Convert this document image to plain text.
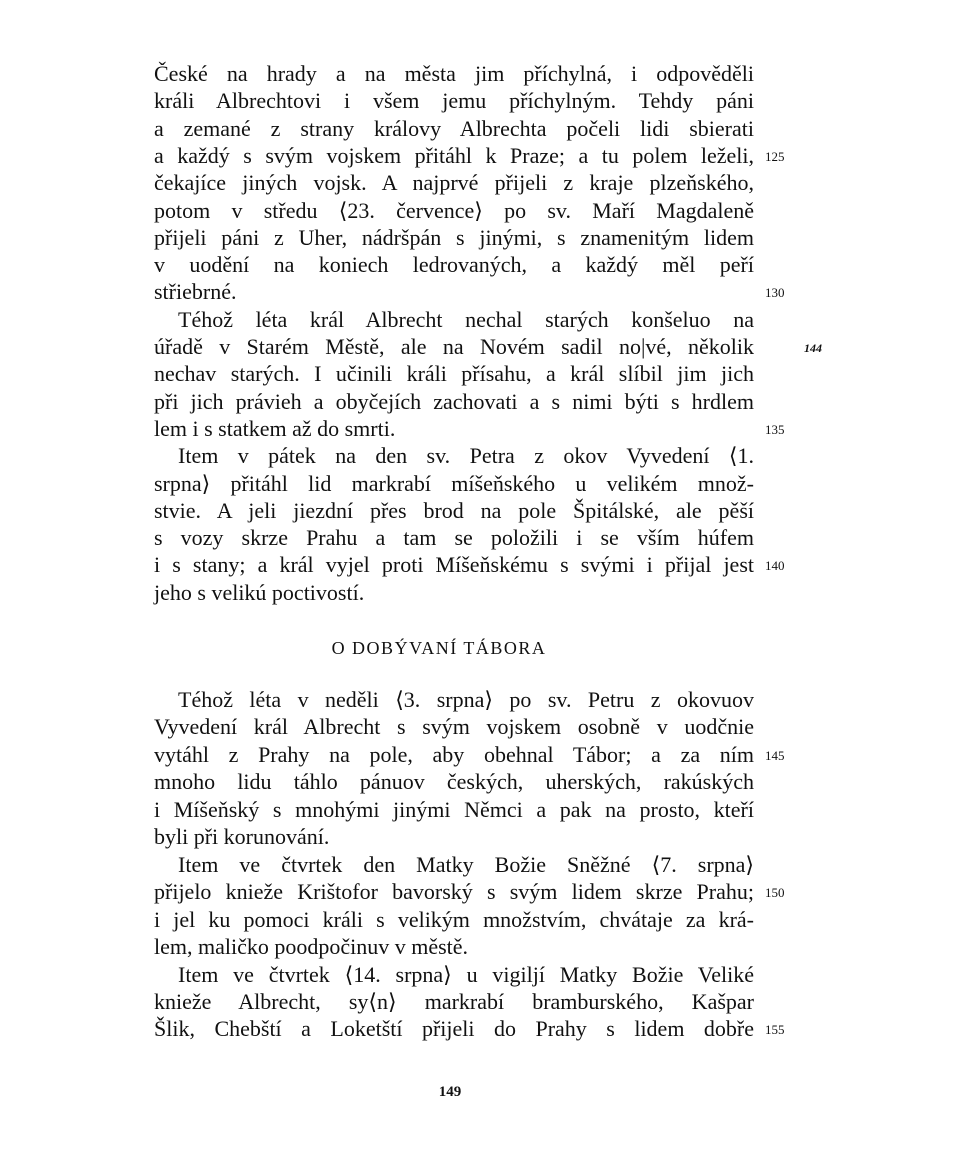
České na hrady a na města jim příchylná, i odpověděli
králi Albrechtovi i všem jemu příchylným. Tehdy páni
a zemané z strany královy Albrechta počeli lidi sbierati
a každý s svým vojskem přitáhl k Praze; a tu polem leželi,
čekajíce jiných vojsk. A najprvé přijeli z kraje plzeňského,
potom v středu ⟨23. července⟩ po sv. Maří Magdaleně
přijeli páni z Uher, nádršpán s jinými, s znamenitým lidem
v uodění na koniech ledrovaných, a každý měl peří
střiebrné.
Téhož léta král Albrecht nechal starých konšeluo na
úřadě v Starém Městě, ale na Novém sadil no|vé, několik
nechav starých. I učinili králi přísahu, a král slíbil jim jich
při jich právieh a obyčejích zachovati a s nimi býti s hrdlem
lem i s statkem až do smrti.
Item v pátek na den sv. Petra z okov Vyvedení ⟨1.
srpna⟩ přitáhl lid markrabí míšeňského u velikém množ-
stvie. A jeli jiezdní přes brod na pole Špitálské, ale pěší
s vozy skrze Prahu a tam se položili i se vším húfem
i s stany; a král vyjel proti Míšeňskému s svými i přijal jest
jeho s velikú poctivostí.
Téhož léta v neděli ⟨3. srpna⟩ po sv. Petru z okovuov
Vyvedení král Albrecht s svým vojskem osobně v uodčnie
vytáhl z Prahy na pole, aby obehnal Tábor; a za ním
mnoho lidu táhlo pánuov českých, uherských, rakúských
i Míšeňský s mnohými jinými Němci a pak na prosto, kteří
byli při korunování.
Item ve čtvrtek den Matky Božie Sněžné ⟨7. srpna⟩
přijelo knieže Krištofor bavorský s svým lidem skrze Prahu;
i jel ku pomoci králi s velikým množstvím, chvátaje za krá-
lem, maličko poodpočinuv v městě.
Item ve čtvrtek ⟨14. srpna⟩ u vigiljí Matky Božie Veliké
knieže Albrecht, sy⟨n⟩ markrabí bramburského, Kašpar
Šlik, Chebští a Loketští přijeli do Prahy s lidem dobře
125
130
135
140
145
150
155
144
O DOBÝVANÍ TÁBORA
149
